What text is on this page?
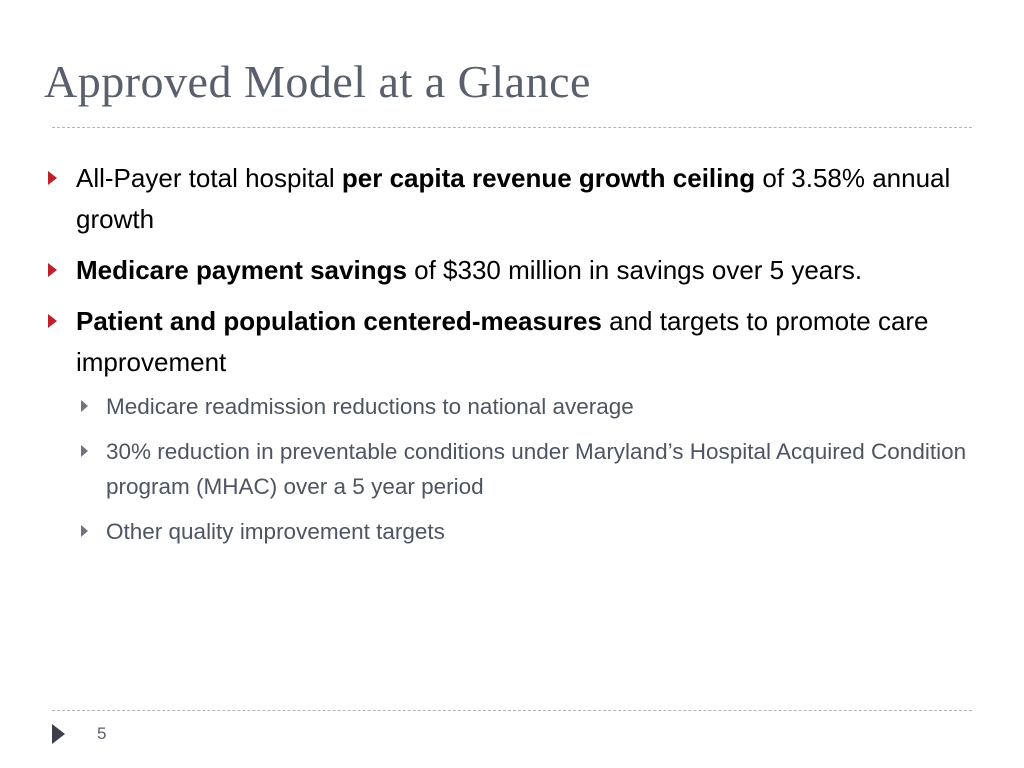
Approved Model at a Glance
All-Payer total hospital per capita revenue growth ceiling of 3.58% annual growth
Medicare payment savings of $330 million in savings over 5 years.
Patient and population centered-measures and targets to promote care improvement
Medicare readmission reductions to national average
30% reduction in preventable conditions under Maryland’s Hospital Acquired Condition program (MHAC) over a 5 year period
Other quality improvement targets
5
